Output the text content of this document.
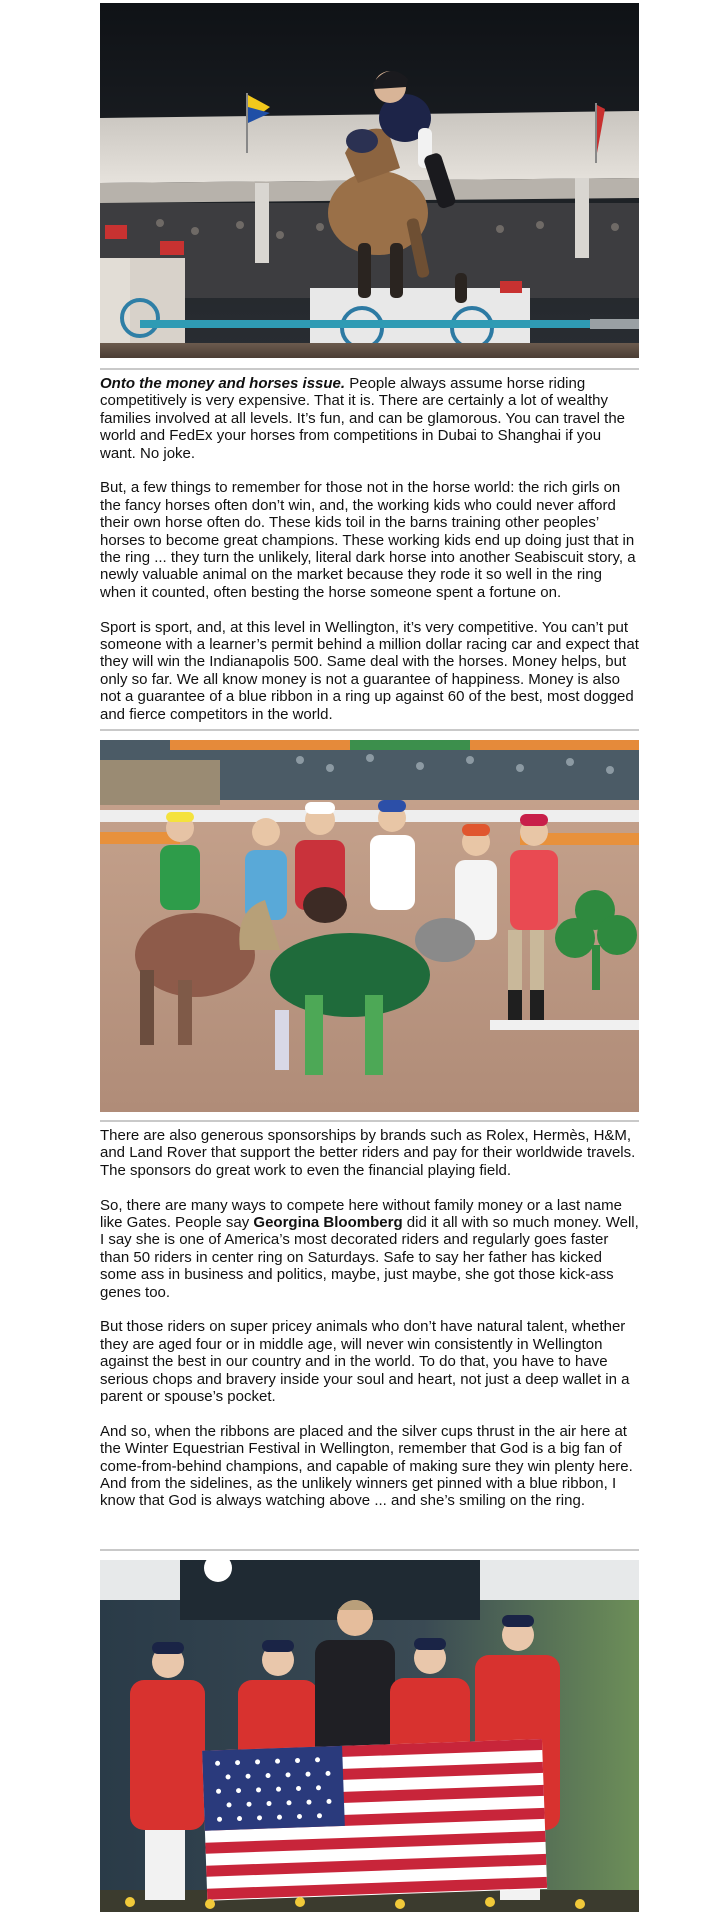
Onto the money and horses issue. People always assume horse riding competitively is very expensive. That it is. There are certainly a lot of wealthy families involved at all levels. It’s fun, and can be glamorous. You can travel the world and FedEx your horses from competitions in Dubai to Shanghai if you want. No joke.

But, a few things to remember for those not in the horse world: the rich girls on the fancy horses often don’t win, and, the working kids who could never afford their own horse often do. These kids toil in the barns training other peoples’ horses to become great champions. These working kids end up doing just that in the ring ... they turn the unlikely, literal dark horse into another Seabiscuit story, a newly valuable animal on the market because they rode it so well in the ring when it counted, often besting the horse someone spent a fortune on.

Sport is sport, and, at this level in Wellington, it’s very competitive. You can’t put someone with a learner’s permit behind a million dollar racing car and expect that they will win the Indianapolis 500. Same deal with the horses. Money helps, but only so far. We all know money is not a guarantee of happiness. Money is also not a guarantee of a blue ribbon in a ring up against 60 of the best, most dogged and fierce competitors in the world.

There are also generous sponsorships by brands such as Rolex, Hermès, H&M, and Land Rover that support the better riders and pay for their worldwide travels. The sponsors do great work to even the financial playing field.

So, there are many ways to compete here without family money or a last name like Gates. People say Georgina Bloomberg did it all with so much money. Well, I say she is one of America’s most decorated riders and regularly goes faster than 50 riders in center ring on Saturdays. Safe to say her father has kicked some ass in business and politics, maybe, just maybe, she got those kick-ass genes too.

But those riders on super pricey animals who don’t have natural talent, whether they are aged four or in middle age, will never win consistently in Wellington against the best in our country and in the world. To do that, you have to have serious chops and bravery inside your soul and heart, not just a deep wallet in a parent or spouse’s pocket.

And so, when the ribbons are placed and the silver cups thrust in the air here at the Winter Equestrian Festival in Wellington, remember that God is a big fan of come-from-behind champions, and capable of making sure they win plenty here. And from the sidelines, as the unlikely winners get pinned with a blue ribbon, I know that God is always watching above ... and she’s smiling on the ring.
